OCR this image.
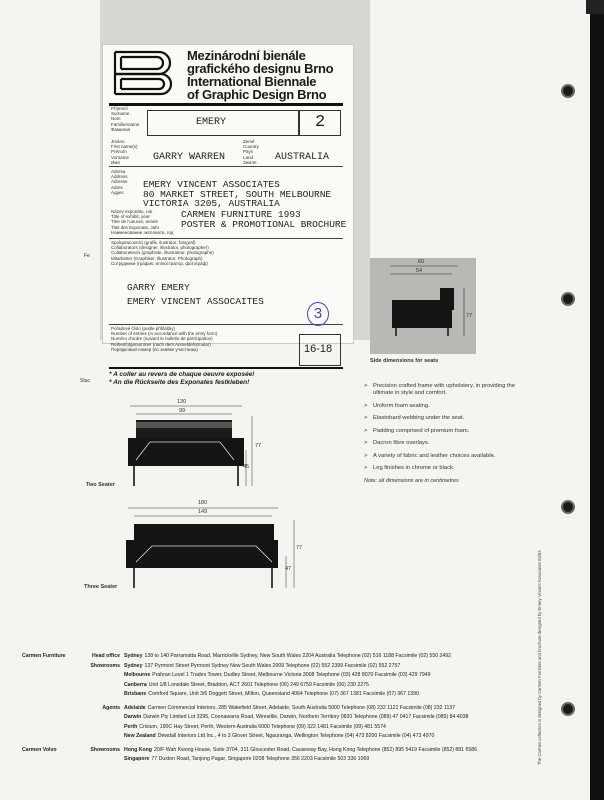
Fe
Stac
60
54
77
Side dimensions for seats
130
99
77
45
Two Seater
180
149
77
47
Three Seater
> Precision crafted frame with upholstery, in providing the ultimate in style and comfort.
> Uniform foam seating.
> Elastobard webbing under the seat.
> Padding comprised of premium foam.
> Dacron fibre overlays.
> A variety of fabric and leather choices available.
> Leg finishes in chrome or black.
Note: all dimensions are in centimetres
Mezinárodní bienále
grafického designu Brno
International Biennale
of Graphic Design Brno
Příjmení
Surname
Nom
Familienname
Фамилия
EMERY	2
Jméno
First name(s)
Prénom
Vorname
Имя	GARRY WARREN
Země
Country
Pays
Land
Земля AUSTRALIA
Adresa
Address
Adresse
Adres
Адрес
EMERY VINCENT ASSOCIATES
80 MARKET STREET, SOUTH MELBOURNE
VICTORIA 3205, AUSTRALIA
Název exponátu, rok
Title of exhibit, year
Titre de l'oeuvre, année
Titel des Exponats, Jahr
Наименование экспоната, год
CARMEN FURNITURE 1993
POSTER & PROMOTIONAL BROCHURE
Spolupracovníci (grafik, ilustrátor, fotograf)
Collaborators (designer, illustrator, photographer)
Collaborateurs (graphiste, illustrateur, photographe)
Mitarbeiter (Graphiker, Illustrator, Photograph)
Сотрудники (график, иллюстратор, фотограф)
GARRY EMERY
EMERY VINCENT ASSOCAITES
Pořadové číslo (podle přihlášky)
Number of entries (in accordance with the entry form)
Numéro d'ordre (suivant le bulletin de participation)
Reihenfolgenummer (nach dem Anmeldeformular)
Порядковый номер (по заявке участника)	16-18
* A coller au revers de chaque oeuvre exposée!
* An die Rückseite des Exponates festkleben!
3
Carmen Furniture	Head office Sydney 138 to 140 Parramatta Road, Marrickville Sydney, New South Wales 2204 Australia Telephone (02) 516 1188 Facsimile (02) 550 2492
Showrooms Sydney 137 Pyrmont Street Pyrmont Sydney New South Wales 2009 Telephone (02) 552 2399 Facsimile (02) 552 2757
Melbourne Prahran Level 1 Trades Tower, Dudley Street, Melbourne Victoria 3008 Telephone (03) 428 8070 Facsimile (03) 429 7949
Canberra Unit 1/8 Lonsdale Street, Braddon, ACT 2601 Telephone (06) 249 6759 Facsimile (06) 230 2275
Brisbane Cornford Square, Unit 3/6 Doggett Street, Milton, Queensland 4064 Telephone (07) 367 1381 Facsimile (07) 367 1390
Agents Adelaide Carmen Commercial Interiors, 285 Wakefield Street, Adelaide, South Australia 5000 Telephone (08) 232 1121 Facsimile (08) 232 1137
Darwin Darwin Pty Limited Lot 3295, Coonawarra Road, Winnellie, Darwin, Northern Territory 0820 Telephone (089) 47 0417 Facsimile (089) 84 4038
Perth Crisium, 190C Hay Street, Perth, Western Australia 6000 Telephone (09) 322 1481 Facsimile (09) 481 5574
New Zealand Dewdall Interiors Ltd Inc., 4 to 3 Glover Street, Ngauranga, Wellington Telephone (04) 473 8200 Facsimile (04) 473 4970
Carmen Volvo	Showrooms Hong Kong 20/F Wah Kwong House, Suite 3704, 311 Gloucester Road, Causeway Bay, Hong Kong Telephone (852) 895 5419 Facsimile (852) 881 6586
Singapore 77 Duxton Road, Tanjong Pagar, Singapore 0208 Telephone 356 2203 Facsimile 503 336 1069	The Carmen collection is designed by Carmen Furniture and brochure designed by Emery Vincent Associates 03/93
